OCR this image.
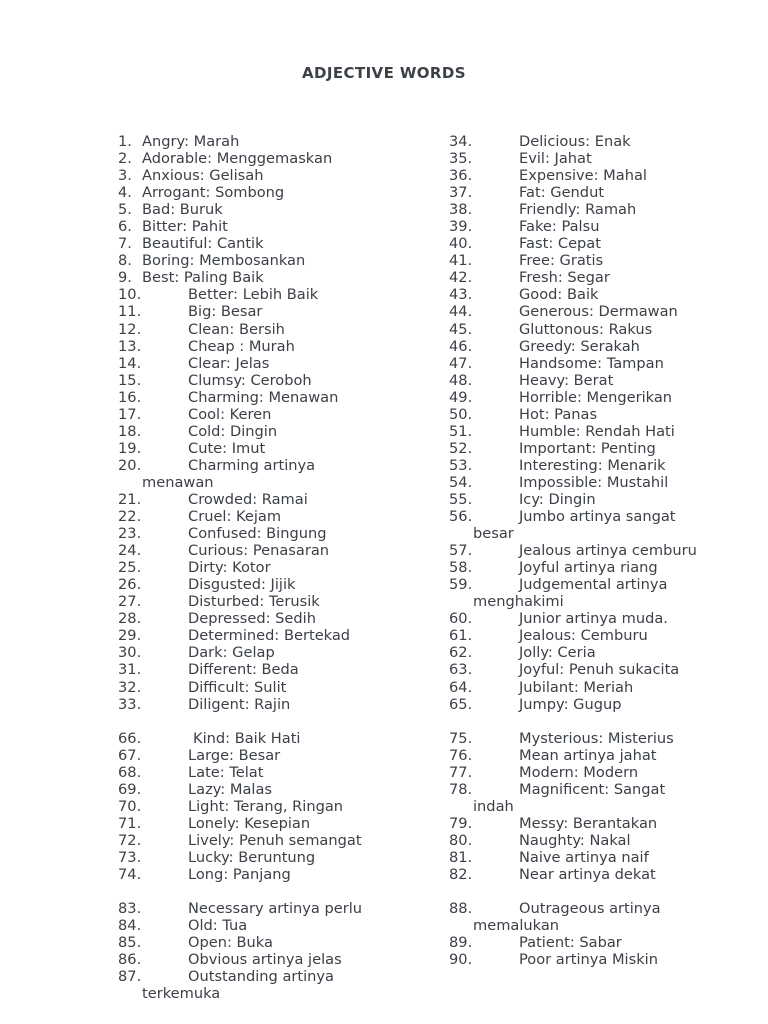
ADJECTIVE WORDS
1. Angry: Marah
2. Adorable: Menggemaskan
3. Anxious: Gelisah
4. Arrogant: Sombong
5. Bad: Buruk
6. Bitter: Pahit
7. Beautiful: Cantik
8. Boring: Membosankan
9. Best: Paling Baik
10.	Better: Lebih Baik
11.	Big: Besar
12.	Clean: Bersih
13.	Cheap : Murah
14.	Clear: Jelas
15.	Clumsy: Ceroboh
16.	Charming: Menawan
17.	Cool: Keren
18.	Cold: Dingin
19.	Cute: Imut
20.	Charming artinya
menawan
21.	Crowded: Ramai
22.	Cruel: Kejam
23.	Confused: Bingung
24.	Curious: Penasaran
25.	Dirty: Kotor
26.	Disgusted: Jijik
27.	Disturbed: Terusik
28.	Depressed: Sedih
29.	Determined: Bertekad
30.	Dark: Gelap
31.	Different: Beda
32.	Difficult: Sulit
33.	Diligent: Rajin
66.	Kind: Baik Hati
67.	Large: Besar
68.	Late: Telat
69.	Lazy: Malas
70.	Light: Terang, Ringan
71.	Lonely: Kesepian
72.	Lively: Penuh semangat
73.	Lucky: Beruntung
74.	Long: Panjang
83.	Necessary artinya perlu
84.	Old: Tua
85.	Open: Buka
86.	Obvious artinya jelas
87.	Outstanding artinya
terkemuka
34.	Delicious: Enak
35.	Evil: Jahat
36.	Expensive: Mahal
37.	Fat: Gendut
38.	Friendly: Ramah
39.	Fake: Palsu
40.	Fast: Cepat
41.	Free: Gratis
42.	Fresh: Segar
43.	Good: Baik
44.	Generous: Dermawan
45.	Gluttonous: Rakus
46.	Greedy: Serakah
47.	Handsome: Tampan
48.	Heavy: Berat
49.	Horrible: Mengerikan
50.	Hot: Panas
51.	Humble: Rendah Hati
52.	Important: Penting
53.	Interesting: Menarik
54.	Impossible: Mustahil
55.	Icy: Dingin
56.	Jumbo artinya sangat
besar
57.	Jealous artinya cemburu
58.	Joyful artinya riang
59.	Judgemental artinya
menghakimi
60.	Junior artinya muda.
61.	Jealous: Cemburu
62.	Jolly: Ceria
63.	Joyful: Penuh sukacita
64.	Jubilant: Meriah
65.	Jumpy: Gugup
75.	Mysterious: Misterius
76.	Mean artinya jahat
77.	Modern: Modern
78.	Magnificent: Sangat
indah
79.	Messy: Berantakan
80.	Naughty: Nakal
81.	Naive artinya naif
82.	Near artinya dekat
88.	Outrageous artinya
memalukan
89.	Patient: Sabar
90.	Poor artinya Miskin
